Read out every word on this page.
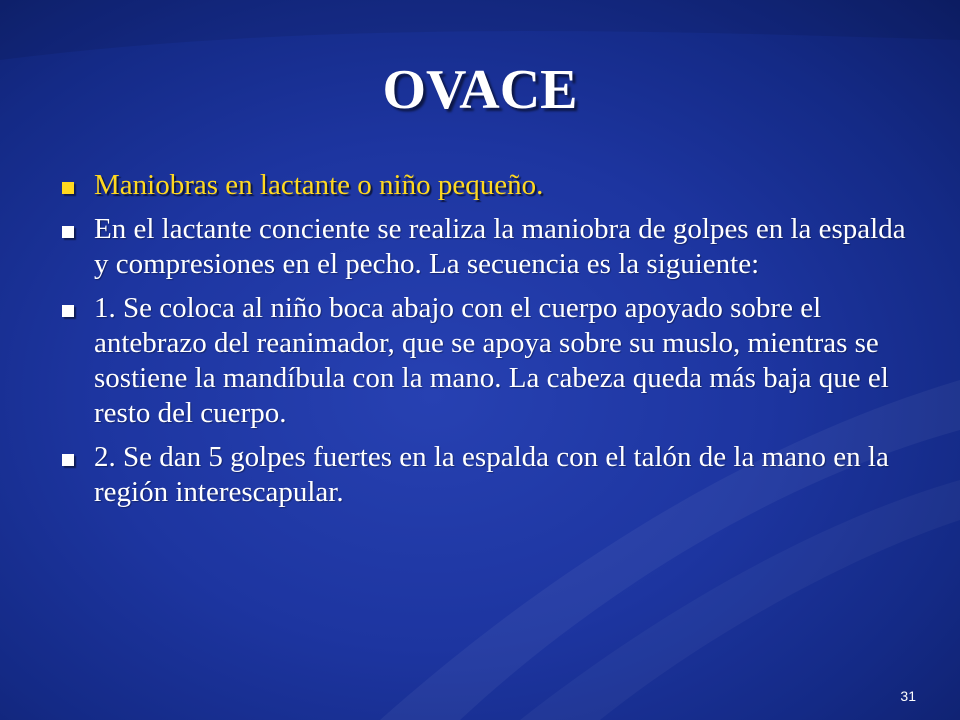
OVACE
Maniobras en lactante o niño pequeño.
En el lactante conciente se realiza la maniobra de golpes en la espalda y compresiones en el pecho. La secuencia es la siguiente:
1. Se coloca al niño boca abajo con el cuerpo apoyado sobre el antebrazo del reanimador, que se apoya sobre su muslo, mientras se sostiene la mandíbula con la mano. La cabeza queda más baja que el resto del cuerpo.
2. Se dan 5 golpes fuertes en la espalda con el talón de la mano en la región interescapular.
31
